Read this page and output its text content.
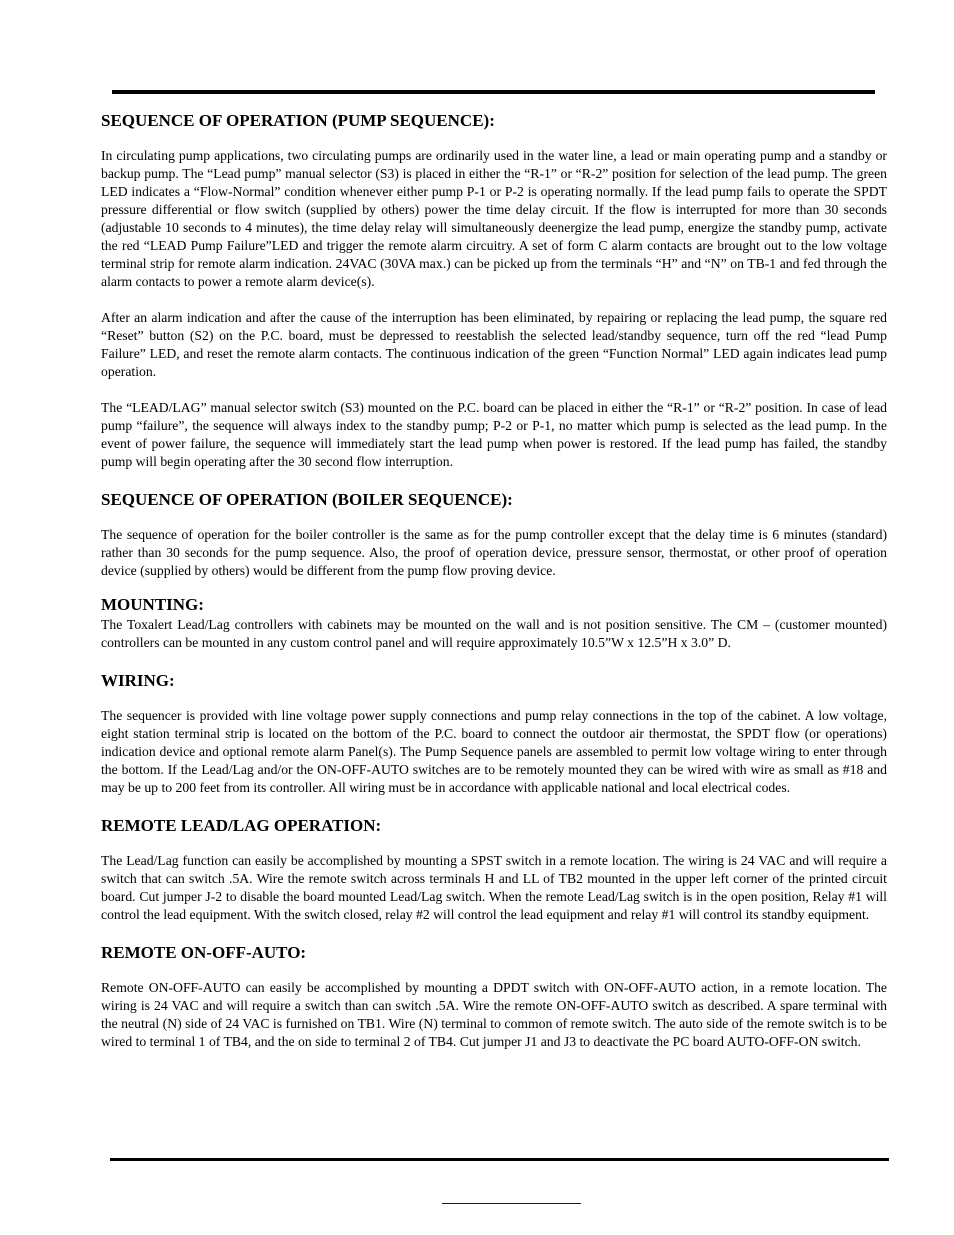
SEQUENCE OF OPERATION (PUMP SEQUENCE):

In circulating pump applications, two circulating pumps are ordinarily used in the water line, a lead or main operating pump and a standby or backup pump. The “Lead pump” manual selector (S3) is placed in either the “R-1” or “R-2” position for selection of the lead pump. The green LED indicates a “Flow-Normal” condition whenever either pump P-1 or P-2 is operating normally. If the lead pump fails to operate the SPDT pressure differential or flow switch (supplied by others) power the time delay circuit. If the flow is interrupted for more than 30 seconds (adjustable 10 seconds to 4 minutes), the time delay relay will simultaneously deenergize the lead pump, energize the standby pump, activate the red “LEAD Pump Failure”LED and trigger the remote alarm circuitry. A set of form C alarm contacts are brought out to the low voltage terminal strip for remote alarm indication. 24VAC (30VA max.) can be picked up from the terminals “H” and “N” on TB-1 and fed through the alarm contacts to power a remote alarm device(s).

After an alarm indication and after the cause of the interruption has been eliminated, by repairing or replacing the lead pump, the square red “Reset” button (S2) on the P.C. board, must be depressed to reestablish the selected lead/standby sequence, turn off the red “lead Pump Failure” LED, and reset the remote alarm contacts. The continuous indication of the green “Function Normal” LED again indicates lead pump operation.

The “LEAD/LAG” manual selector switch (S3) mounted on the P.C. board can be placed in either the “R-1” or “R-2” position. In case of lead pump “failure”, the sequence will always index to the standby pump; P-2 or P-1, no matter which pump is selected as the lead pump. In the event of power failure, the sequence will immediately start the lead pump when power is restored. If the lead pump has failed, the standby pump will begin operating after the 30 second flow interruption.

SEQUENCE OF OPERATION (BOILER SEQUENCE):

The sequence of operation for the boiler controller is the same as for the pump controller except that the delay time is 6 minutes (standard) rather than 30 seconds for the pump sequence. Also, the proof of operation device, pressure sensor, thermostat, or other proof of operation device (supplied by others) would be different from the pump flow proving device.

MOUNTING:

The Toxalert Lead/Lag controllers with cabinets may be mounted on the wall and is not position sensitive. The CM – (customer mounted) controllers can be mounted in any custom control panel and will require approximately 10.5”W x 12.5”H x 3.0” D.

WIRING:

The sequencer is provided with line voltage power supply connections and pump relay connections in the top of the cabinet. A low voltage, eight station terminal strip is located on the bottom of the P.C. board to connect the outdoor air thermostat, the SPDT flow (or operations) indication device and optional remote alarm Panel(s). The Pump Sequence panels are assembled to permit low voltage wiring to enter through the bottom. If the Lead/Lag and/or the ON-OFF-AUTO switches are to be remotely mounted they can be wired with wire as small as #18 and may be up to 200 feet from its controller. All wiring must be in accordance with applicable national and local electrical codes.

REMOTE LEAD/LAG OPERATION:

The Lead/Lag function can easily be accomplished by mounting a SPST switch in a remote location. The wiring is 24 VAC and will require a switch that can switch .5A. Wire the remote switch across terminals H and LL of TB2 mounted in the upper left corner of the printed circuit board. Cut jumper J-2 to disable the board mounted Lead/Lag switch. When the remote Lead/Lag switch is in the open position, Relay #1 will control the lead equipment. With the switch closed, relay #2 will control the lead equipment and relay #1 will control its standby equipment.

REMOTE ON-OFF-AUTO:

Remote ON-OFF-AUTO can easily be accomplished by mounting a DPDT switch with ON-OFF-AUTO action, in a remote location. The wiring is 24 VAC and will require a switch than can switch .5A. Wire the remote ON-OFF-AUTO switch as described. A spare terminal with the neutral (N) side of 24 VAC is furnished on TB1. Wire (N) terminal to common of remote switch. The auto side of the remote switch is to be wired to terminal 1 of TB4, and the on side to terminal 2 of TB4. Cut jumper J1 and J3 to deactivate the PC board AUTO-OFF-ON switch.
